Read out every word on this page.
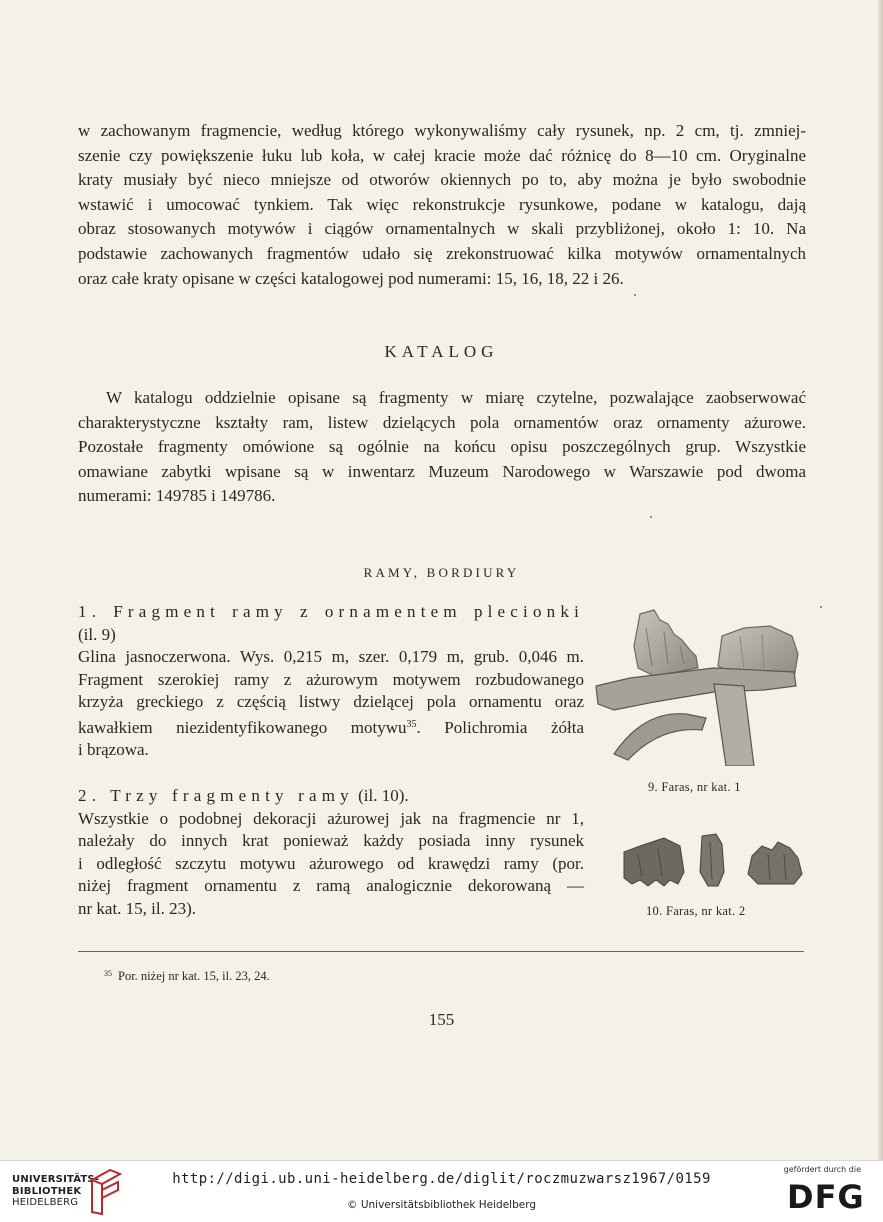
w zachowanym fragmencie, według którego wykonywaliśmy cały rysunek, np. 2 cm, tj. zmniej-
szenie czy powiększenie łuku lub koła, w całej kracie może dać różnicę do 8—10 cm. Oryginalne
kraty musiały być nieco mniejsze od otworów okiennych po to, aby można je było swobodnie
wstawić i umocować tynkiem. Tak więc rekonstrukcje rysunkowe, podane w katalogu, dają
obraz stosowanych motywów i ciągów ornamentalnych w skali przybliżonej, około 1: 10. Na
podstawie zachowanych fragmentów udało się zrekonstruować kilka motywów ornamentalnych
oraz całe kraty opisane w części katalogowej pod numerami: 15, 16, 18, 22 i 26.

KATALOG

W katalogu oddzielnie opisane są fragmenty w miarę czytelne, pozwalające zaobserwować
charakterystyczne kształty ram, listew dzielących pola ornamentów oraz ornamenty ażurowe.
Pozostałe fragmenty omówione są ogólnie na końcu opisu poszczególnych grup. Wszystkie
omawiane zabytki wpisane są w inwentarz Muzeum Narodowego w Warszawie pod dwoma
numerami: 149785 i 149786.

RAMY, BORDIURY
1. Fragment ramy z ornamentem plecionki
(il. 9)
Glina jasnoczerwona. Wys. 0,215 m, szer. 0,179 m, grub. 0,046 m.
Fragment szerokiej ramy z ażurowym motywem rozbudowanego
krzyża greckiego z częścią listwy dzielącej pola ornamentu oraz
kawałkiem niezidentyfikowanego motywu$^{35}$. Polichromia żółta
i brązowa.
2. Trzy fragmenty ramy (il. 10).
Wszystkie o podobnej dekoracji ażurowej jak na fragmencie nr 1,
należały do innych krat ponieważ każdy posiada inny rysunek
i odległość szczytu motywu ażurowego od krawędzi ramy (por.
niżej fragment ornamentu z ramą analogicznie dekorowaną —
nr kat. 15, il. 23).
9. Faras, nr kat. 1
10. Faras, nr kat. 2
$^{35}$ Por. niżej nr kat. 15, il. 23, 24.
155
UNIVERSITÄTS-
BIBLIOTHEK
HEIDELBERG
http://digi.ub.uni-heidelberg.de/diglit/roczmuzwarsz1967/0159
© Universitätsbibliothek Heidelberg
gefördert durch die
DFG
